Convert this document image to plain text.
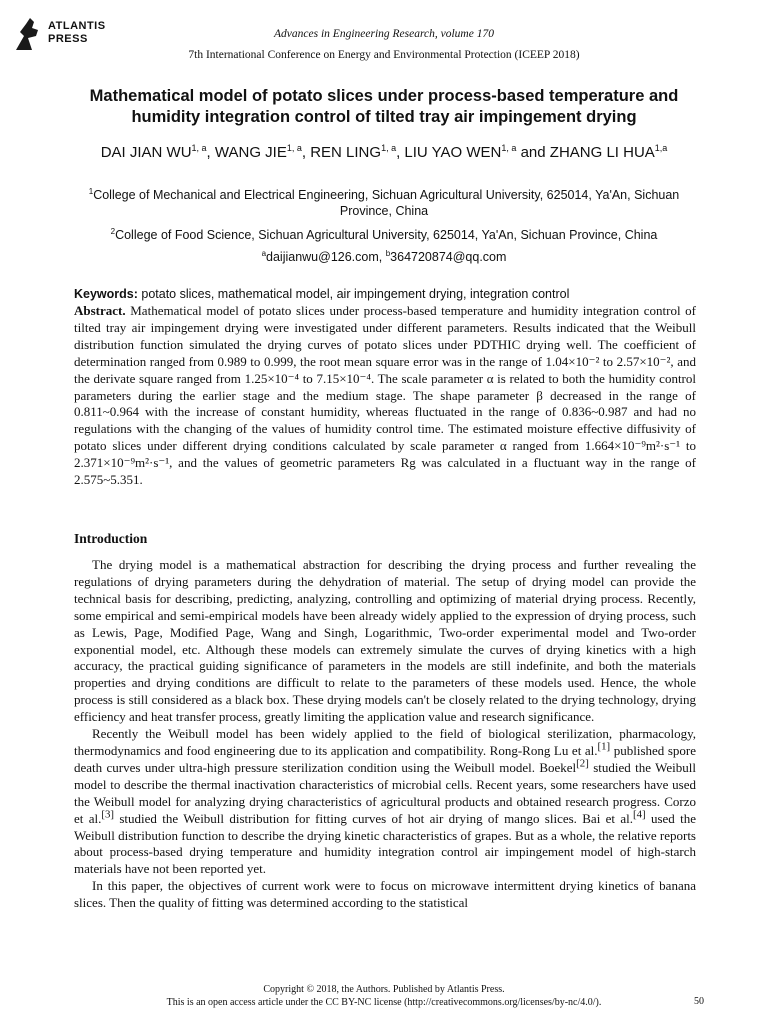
ATLANTIS
PRESS	Advances in Engineering Research, volume 170
7th International Conference on Energy and Environmental Protection (ICEEP 2018)
Mathematical model of potato slices under process-based temperature and humidity integration control of tilted tray air impingement drying
DAI JIAN WU$^{1, a}$, WANG JIE$^{1, a}$, REN LING$^{1, a}$, LIU YAO WEN$^{1, a}$ and ZHANG LI HUA$^{1,a}$
$^1$College of Mechanical and Electrical Engineering, Sichuan Agricultural University, 625014, Ya'An, Sichuan Province, China
$^2$College of Food Science, Sichuan Agricultural University, 625014, Ya'An, Sichuan Province, China
$^a$daijianwu@126.com, $^b$364720874@qq.com
Keywords: potato slices, mathematical model, air impingement drying, integration control
Abstract. Mathematical model of potato slices under process-based temperature and humidity integration control of tilted tray air impingement drying were investigated under different parameters. Results indicated that the Weibull distribution function simulated the drying curves of potato slices under PDTHIC drying well. The coefficient of determination ranged from 0.989 to 0.999, the root mean square error was in the range of 1.04×10⁻² to 2.57×10⁻², and the derivate square ranged from 1.25×10⁻⁴ to 7.15×10⁻⁴. The scale parameter α is related to both the humidity control parameters during the earlier stage and the medium stage. The shape parameter β decreased in the range of 0.811~0.964 with the increase of constant humidity, whereas fluctuated in the range of 0.836~0.987 and had no regulations with the changing of the values of humidity control time. The estimated moisture effective diffusivity of potato slices under different drying conditions calculated by scale parameter α ranged from 1.664×10⁻⁹m²·s⁻¹ to 2.371×10⁻⁹m²·s⁻¹, and the values of geometric parameters Rg was calculated in a fluctuant way in the range of 2.575~5.351.
Introduction

The drying model is a mathematical abstraction for describing the drying process and further revealing the regulations of drying parameters during the dehydration of material. The setup of drying model can provide the technical basis for describing, predicting, analyzing, controlling and optimizing of material drying process. Recently, some empirical and semi-empirical models have been already widely applied to the expression of drying process, such as Lewis, Page, Modified Page, Wang and Singh, Logarithmic, Two-order experimental model and Two-order exponential model, etc. Although these models can extremely simulate the curves of drying kinetics with a high accuracy, the practical guiding significance of parameters in the models are still indefinite, and both the materials properties and drying conditions are difficult to relate to the parameters of these models used. Hence, the whole process is still considered as a black box. These drying models can't be closely related to the drying technology, drying efficiency and heat transfer process, greatly limiting the application value and research significance.

Recently the Weibull model has been widely applied to the field of biological sterilization, pharmacology, thermodynamics and food engineering due to its application and compatibility. Rong-Rong Lu et al.[1] published spore death curves under ultra-high pressure sterilization condition using the Weibull model. Boekel[2] studied the Weibull model to describe the thermal inactivation characteristics of microbial cells. Recent years, some researchers have used the Weibull model for analyzing drying characteristics of agricultural products and obtained research progress. Corzo et al.[3] studied the Weibull distribution for fitting curves of hot air drying of mango slices. Bai et al.[4] used the Weibull distribution function to describe the drying kinetic characteristics of grapes. But as a whole, the relative reports about process-based drying temperature and humidity integration control air impingement model of high-starch materials have not been reported yet.

In this paper, the objectives of current work were to focus on microwave intermittent drying kinetics of banana slices. Then the quality of fitting was determined according to the statistical

Copyright © 2018, the Authors. Published by Atlantis Press.
This is an open access article under the CC BY-NC license (http://creativecommons.org/licenses/by-nc/4.0/).	50
